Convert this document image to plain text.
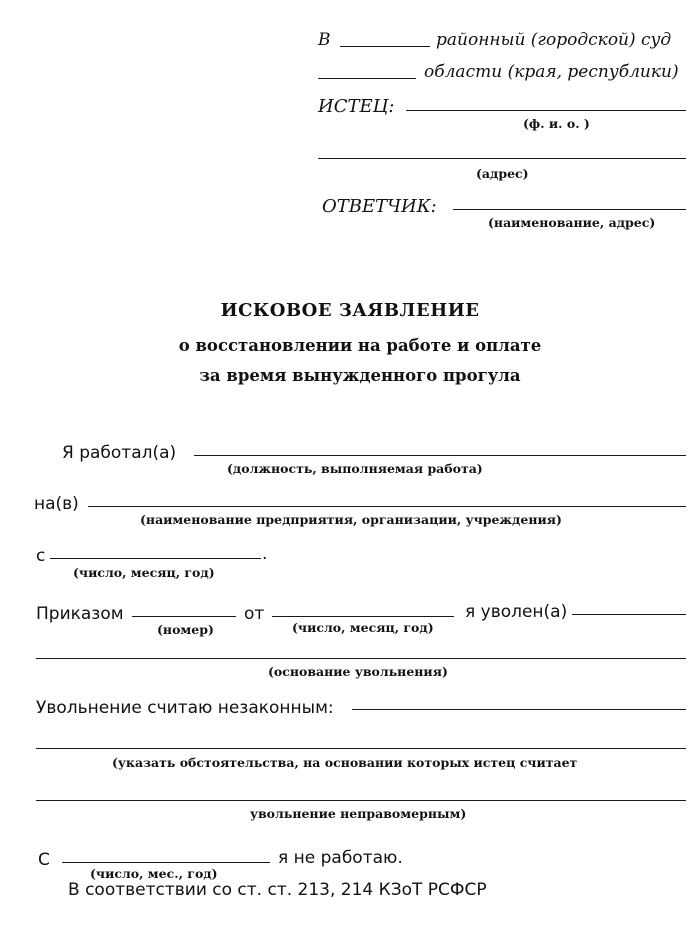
В	районный (городской) суд
области (края, республики)
ИСТЕЦ:
(ф. и. о. )
(адрес)
ОТВЕТЧИК:
(наименование, адрес)
ИСКОВОЕ ЗАЯВЛЕНИЕ
о восстановлении на работе и оплате
за время вынужденного прогула
Я работал(а)
(должность, выполняемая работа)
на(в)
(наименование предприятия, организации, учреждения)
с	.
(число, месяц, год)
Приказом
(номер)
от
(число, месяц, год)
я уволен(а)
(основание увольнения)
Увольнение считаю незаконным:
(указать обстоятельства, на основании которых истец считает
увольнение неправомерным)
С
(число, мес., год)
я не работаю.
В соответствии со ст. ст. 213, 214 КЗоТ РСФСР
